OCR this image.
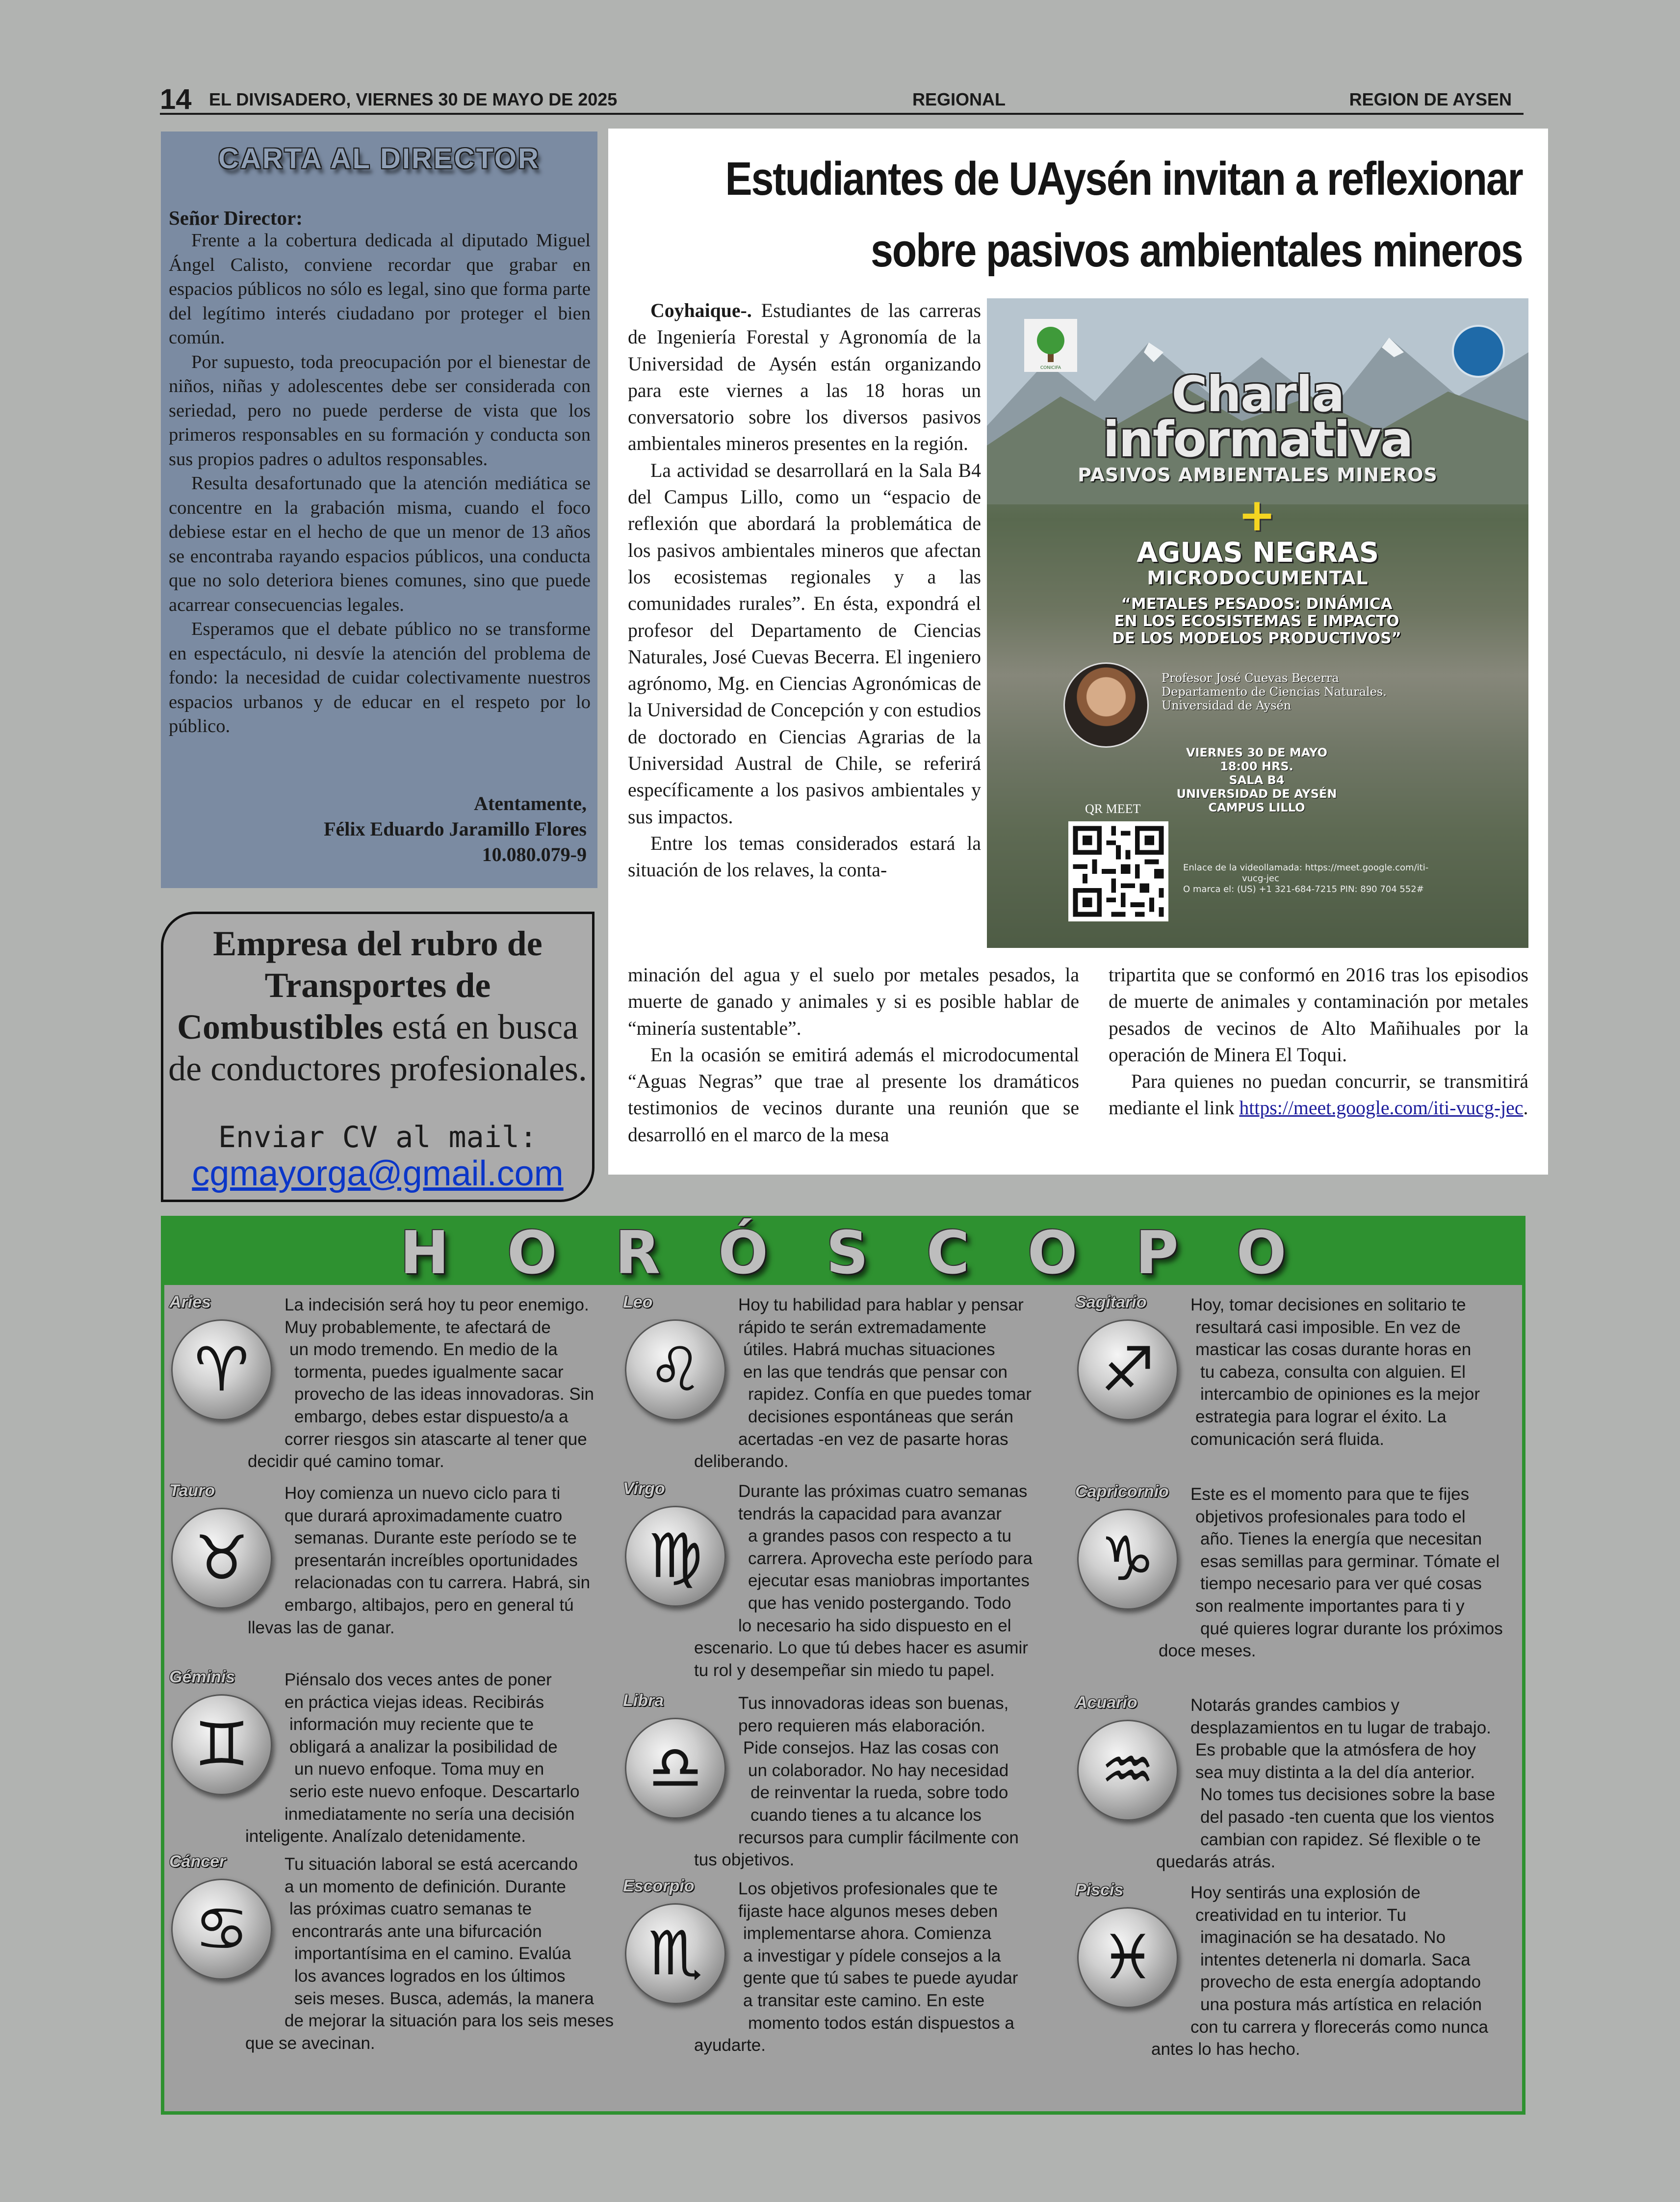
14 EL DIVISADERO, VIERNES 30 DE MAYO DE 2025	REGIONAL	REGION DE AYSEN
CARTA AL DIRECTOR
Señor Director:

Frente a la cobertura dedicada al diputado Miguel Ángel Calisto, conviene recordar que grabar en espacios públicos no sólo es legal, sino que forma parte del legítimo interés ciudadano por proteger el bien común.

Por supuesto, toda preocupación por el bienestar de niños, niñas y adolescentes debe ser considerada con seriedad, pero no puede perderse de vista que los primeros responsables en su formación y conducta son sus propios padres o adultos responsables.

Resulta desafortunado que la atención mediática se concentre en la grabación misma, cuando el foco debiese estar en el hecho de que un menor de 13 años se encontraba rayando espacios públicos, una conducta que no solo deteriora bienes comunes, sino que puede acarrear consecuencias legales.

Esperamos que el debate público no se transforme en espectáculo, ni desvíe la atención del problema de fondo: la necesidad de cuidar colectivamente nuestros espacios urbanos y de educar en el respeto por lo público.

Atentamente,
Félix Eduardo Jaramillo Flores
10.080.079-9
Empresa del rubro de Transportes de Combustibles está en busca de conductores profesionales.
Enviar CV al mail:
cgmayorga@gmail.com
Estudiantes de UAysén invitan a reflexionar
sobre pasivos ambientales mineros

Coyhaique-. Estudiantes de las carreras de Ingeniería Forestal y Agronomía de la Universidad de Aysén están organizando para este viernes a las 18 horas un conversatorio sobre los diversos pasivos ambientales mineros presentes en la región.

La actividad se desarrollará en la Sala B4 del Campus Lillo, como un “espacio de reflexión que abordará la problemática de los pasivos ambientales mineros que afectan los ecosistemas regionales y a las comunidades rurales”. En ésta, expondrá el profesor del Departamento de Ciencias Naturales, José Cuevas Becerra. El ingeniero agrónomo, Mg. en Ciencias Agronómicas de la Universidad de Concepción y con estudios de doctorado en Ciencias Agrarias de la Universidad Austral de Chile, se referirá específicamente a los pasivos ambientales y sus impactos.

Entre los temas considerados estará la situación de los relaves, la conta-

minación del agua y el suelo por metales pesados, la muerte de ganado y animales y si es posible hablar de “minería sustentable”.

En la ocasión se emitirá además el microdocumental “Aguas Negras” que trae al presente los dramáticos testimonios de vecinos durante una reunión que se desarrolló en el marco de la mesa

tripartita que se conformó en 2016 tras los episodios de muerte de animales y contaminación por metales pesados de vecinos de Alto Mañihuales por la operación de Minera El Toqui.

Para quienes no puedan concurrir, se transmitirá mediante el link https://meet.google.com/iti-vucg-jec.

CONICIFA	Charla
informativa
PASIVOS AMBIENTALES MINEROS
+
AGUAS NEGRAS
MICRODOCUMENTAL
“METALES PESADOS: DINÁMICA
EN LOS ECOSISTEMAS E IMPACTO
DE LOS MODELOS PRODUCTIVOS”
Profesor José Cuevas Becerra
Departamento de Ciencias Naturales.
Universidad de Aysén
VIERNES 30 DE MAYO
18:00 HRS.
SALA B4
UNIVERSIDAD DE AYSÉN
CAMPUS LILLO
QR MEET
Enlace de la videollamada: https://meet.google.com/iti-
vucg-jec
O marca el: (US) +1 321-684-7215 PIN: 890 704 552#
HORÓSCOPO
Aries
♈
La indecisión será hoy tu peor enemigo.
Muy probablemente, te afectará de
un modo tremendo. En medio de la
tormenta, puedes igualmente sacar
provecho de las ideas innovadoras. Sin
embargo, debes estar dispuesto/a a
correr riesgos sin atascarte al tener que
decidir qué camino tomar.
Tauro
♉
Hoy comienza un nuevo ciclo para ti
que durará aproximadamente cuatro
semanas. Durante este período se te
presentarán increíbles oportunidades
relacionadas con tu carrera. Habrá, sin
embargo, altibajos, pero en general tú
llevas las de ganar.
Géminis
♊
Piénsalo dos veces antes de poner
en práctica viejas ideas. Recibirás
información muy reciente que te
obligará a analizar la posibilidad de
un nuevo enfoque. Toma muy en
serio este nuevo enfoque. Descartarlo
inmediatamente no sería una decisión
inteligente. Analízalo detenidamente.
Cáncer
♋
Tu situación laboral se está acercando
a un momento de definición. Durante
las próximas cuatro semanas te
encontrarás ante una bifurcación
importantísima en el camino. Evalúa
los avances logrados en los últimos
seis meses. Busca, además, la manera
de mejorar la situación para los seis meses
que se avecinan.
Leo
♌
Hoy tu habilidad para hablar y pensar
rápido te serán extremadamente
útiles. Habrá muchas situaciones
en las que tendrás que pensar con
rapidez. Confía en que puedes tomar
decisiones espontáneas que serán
acertadas -en vez de pasarte horas
deliberando.
Virgo
♍
Durante las próximas cuatro semanas
tendrás la capacidad para avanzar
a grandes pasos con respecto a tu
carrera. Aprovecha este período para
ejecutar esas maniobras importantes
que has venido postergando. Todo
lo necesario ha sido dispuesto en el
escenario. Lo que tú debes hacer es asumir
tu rol y desempeñar sin miedo tu papel.
Libra
♎
Tus innovadoras ideas son buenas,
pero requieren más elaboración.
Pide consejos. Haz las cosas con
un colaborador. No hay necesidad
de reinventar la rueda, sobre todo
cuando tienes a tu alcance los
recursos para cumplir fácilmente con
tus objetivos.
Escorpio
♏
Los objetivos profesionales que te
fijaste hace algunos meses deben
implementarse ahora. Comienza
a investigar y pídele consejos a la
gente que tú sabes te puede ayudar
a transitar este camino. En este
momento todos están dispuestos a
ayudarte.
Sagitario
♐
Hoy, tomar decisiones en solitario te
resultará casi imposible. En vez de
masticar las cosas durante horas en
tu cabeza, consulta con alguien. El
intercambio de opiniones es la mejor
estrategia para lograr el éxito. La
comunicación será fluida.
Capricornio
♑
Este es el momento para que te fijes
objetivos profesionales para todo el
año. Tienes la energía que necesitan
esas semillas para germinar. Tómate el
tiempo necesario para ver qué cosas
son realmente importantes para ti y
qué quieres lograr durante los próximos
doce meses.
Acuario
♒
Notarás grandes cambios y
desplazamientos en tu lugar de trabajo.
Es probable que la atmósfera de hoy
sea muy distinta a la del día anterior.
No tomes tus decisiones sobre la base
del pasado -ten cuenta que los vientos
cambian con rapidez. Sé flexible o te
quedarás atrás.
Piscis
♓
Hoy sentirás una explosión de
creatividad en tu interior. Tu
imaginación se ha desatado. No
intentes detenerla ni domarla. Saca
provecho de esta energía adoptando
una postura más artística en relación
con tu carrera y florecerás como nunca
antes lo has hecho.
